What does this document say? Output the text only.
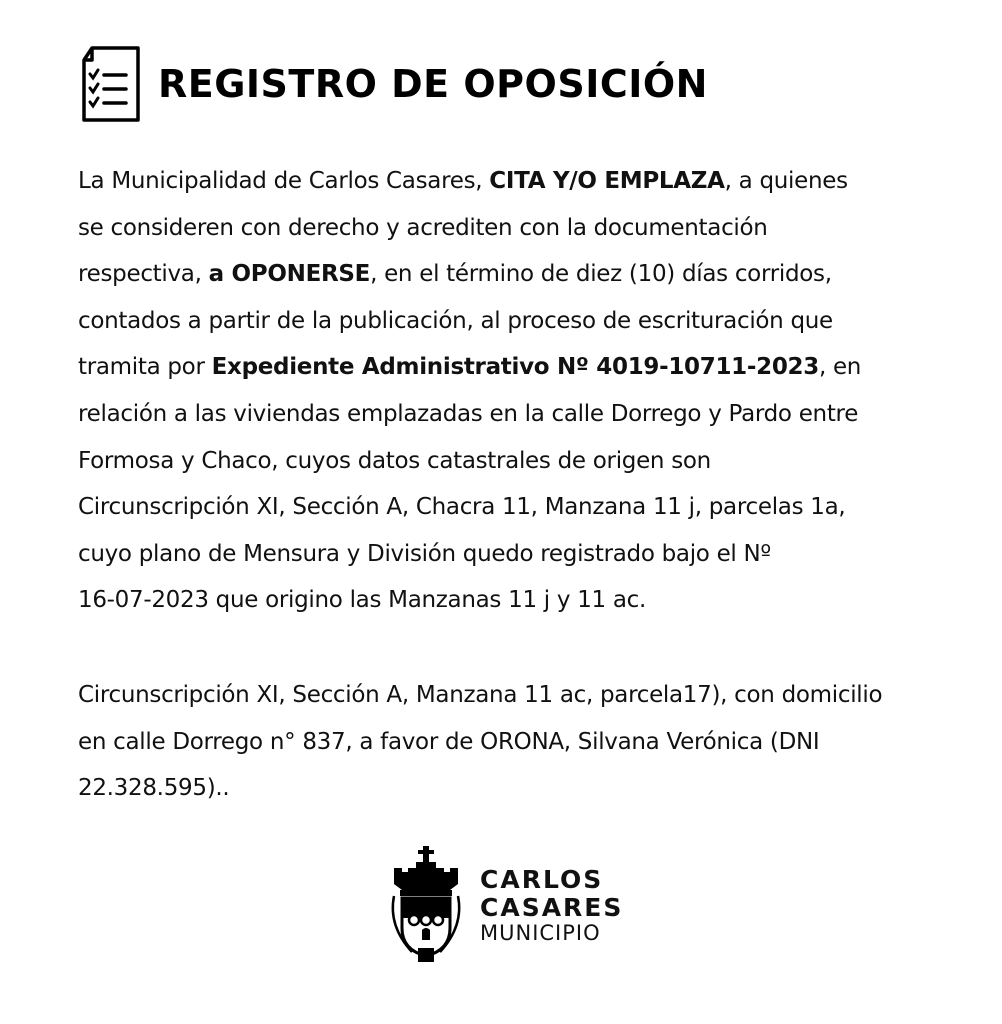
REGISTRO DE OPOSICIÓN
La Municipalidad de Carlos Casares, CITA Y/O EMPLAZA, a quienes
se consideren con derecho y acrediten con la documentación
respectiva, a OPONERSE, en el término de diez (10) días corridos,
contados a partir de la publicación, al proceso de escrituración que
tramita por Expediente Administrativo Nº 4019-10711-2023, en
relación a las viviendas emplazadas en la calle Dorrego y Pardo entre
Formosa y Chaco, cuyos datos catastrales de origen son
Circunscripción XI, Sección A, Chacra 11, Manzana 11 j, parcelas 1a,
cuyo plano de Mensura y División quedo registrado bajo el Nº
16-07-2023 que origino las Manzanas 11 j y 11 ac.
Circunscripción XI, Sección A, Manzana 11 ac, parcela17), con domicilio
en calle Dorrego n° 837, a favor de ORONA, Silvana Verónica (DNI
22.328.595)..
CARLOS
CASARES
MUNICIPIO
